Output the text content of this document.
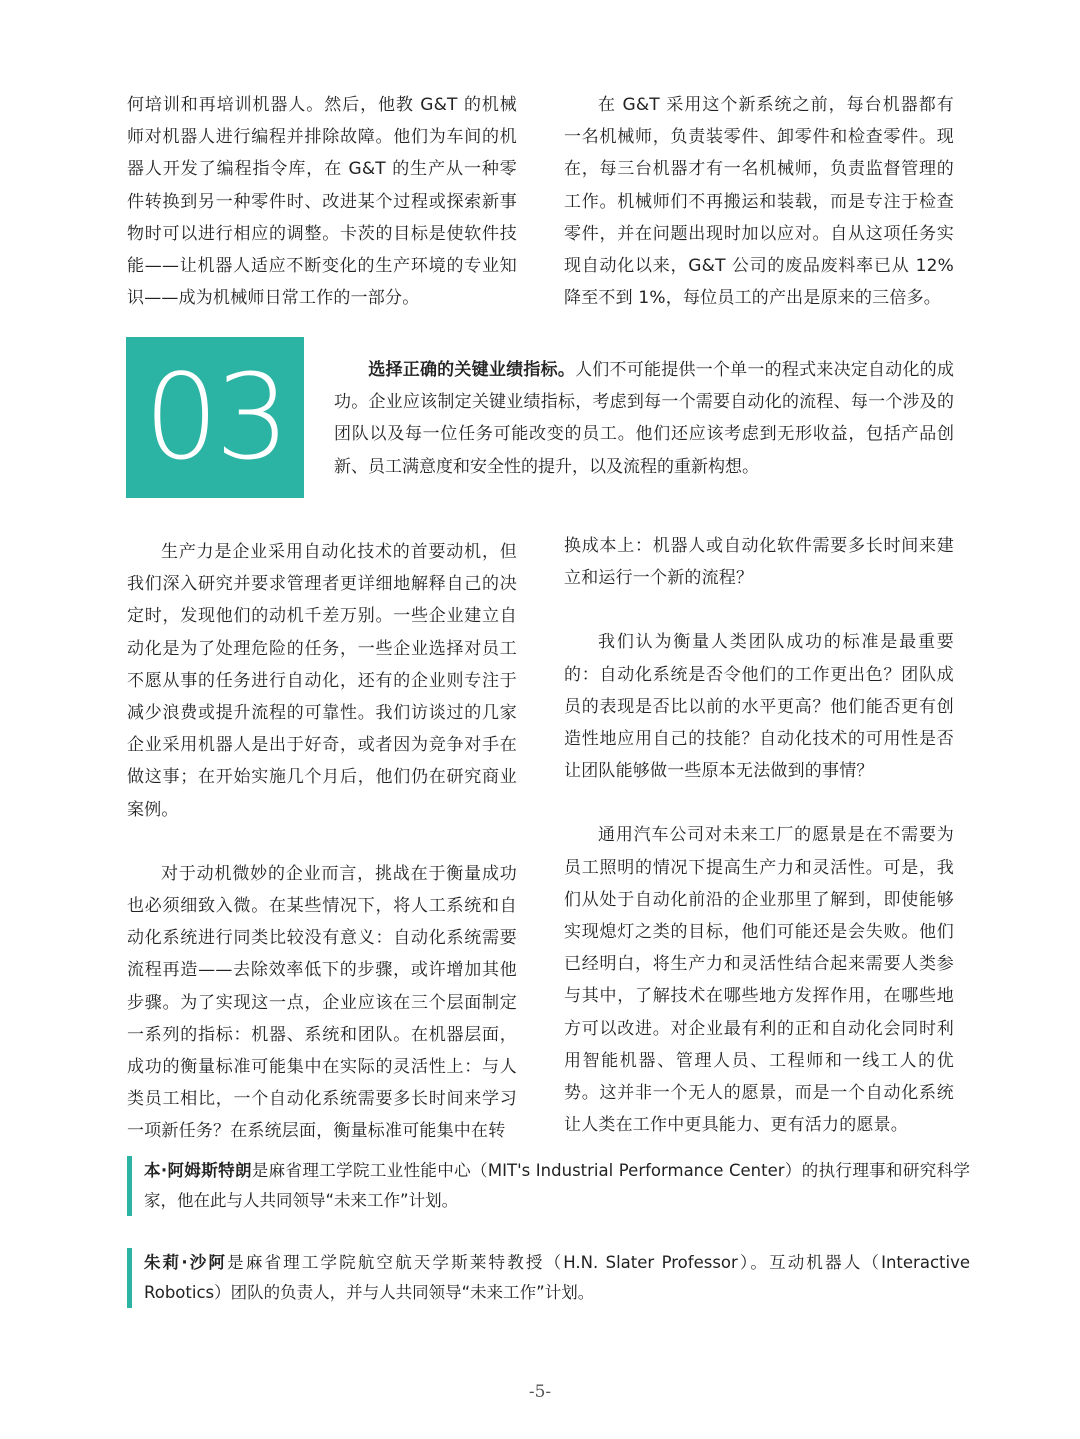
何培训和再培训机器人。然后，他教 G&T 的机械师对机器人进行编程并排除故障。他们为车间的机器人开发了编程指令库，在 G&T 的生产从一种零件转换到另一种零件时、改进某个过程或探索新事物时可以进行相应的调整。卡茨的目标是使软件技能——让机器人适应不断变化的生产环境的专业知识——成为机械师日常工作的一部分。

在 G&T 采用这个新系统之前，每台机器都有一名机械师，负责装零件、卸零件和检查零件。现在，每三台机器才有一名机械师，负责监督管理的工作。机械师们不再搬运和装载，而是专注于检查零件，并在问题出现时加以应对。自从这项任务实现自动化以来，G&T 公司的废品废料率已从 12% 降至不到 1%，每位员工的产出是原来的三倍多。

03	选择正确的关键业绩指标。人们不可能提供一个单一的程式来决定自动化的成功。企业应该制定关键业绩指标，考虑到每一个需要自动化的流程、每一个涉及的团队以及每一位任务可能改变的员工。他们还应该考虑到无形收益，包括产品创新、员工满意度和安全性的提升，以及流程的重新构想。

生产力是企业采用自动化技术的首要动机，但我们深入研究并要求管理者更详细地解释自己的决定时，发现他们的动机千差万别。一些企业建立自动化是为了处理危险的任务，一些企业选择对员工不愿从事的任务进行自动化，还有的企业则专注于减少浪费或提升流程的可靠性。我们访谈过的几家企业采用机器人是出于好奇，或者因为竞争对手在做这事；在开始实施几个月后，他们仍在研究商业案例。

对于动机微妙的企业而言，挑战在于衡量成功也必须细致入微。在某些情况下，将人工系统和自动化系统进行同类比较没有意义：自动化系统需要流程再造——去除效率低下的步骤，或许增加其他步骤。为了实现这一点，企业应该在三个层面制定一系列的指标：机器、系统和团队。在机器层面，成功的衡量标准可能集中在实际的灵活性上：与人类员工相比，一个自动化系统需要多长时间来学习一项新任务？在系统层面，衡量标准可能集中在转

换成本上：机器人或自动化软件需要多长时间来建立和运行一个新的流程？

我们认为衡量人类团队成功的标准是最重要的：自动化系统是否令他们的工作更出色？团队成员的表现是否比以前的水平更高？他们能否更有创造性地应用自己的技能？自动化技术的可用性是否让团队能够做一些原本无法做到的事情？

通用汽车公司对未来工厂的愿景是在不需要为员工照明的情况下提高生产力和灵活性。可是，我们从处于自动化前沿的企业那里了解到，即使能够实现熄灯之类的目标，他们可能还是会失败。他们已经明白，将生产力和灵活性结合起来需要人类参与其中，了解技术在哪些地方发挥作用，在哪些地方可以改进。对企业最有利的正和自动化会同时利用智能机器、管理人员、工程师和一线工人的优势。这并非一个无人的愿景，而是一个自动化系统让人类在工作中更具能力、更有活力的愿景。

本·阿姆斯特朗是麻省理工学院工业性能中心（MIT's Industrial Performance Center）的执行理事和研究科学家，他在此与人共同领导“未来工作”计划。
朱莉·沙阿是麻省理工学院航空航天学斯莱特教授（H.N. Slater Professor）。互动机器人（Interactive Robotics）团队的负责人，并与人共同领导“未来工作”计划。
-5-
